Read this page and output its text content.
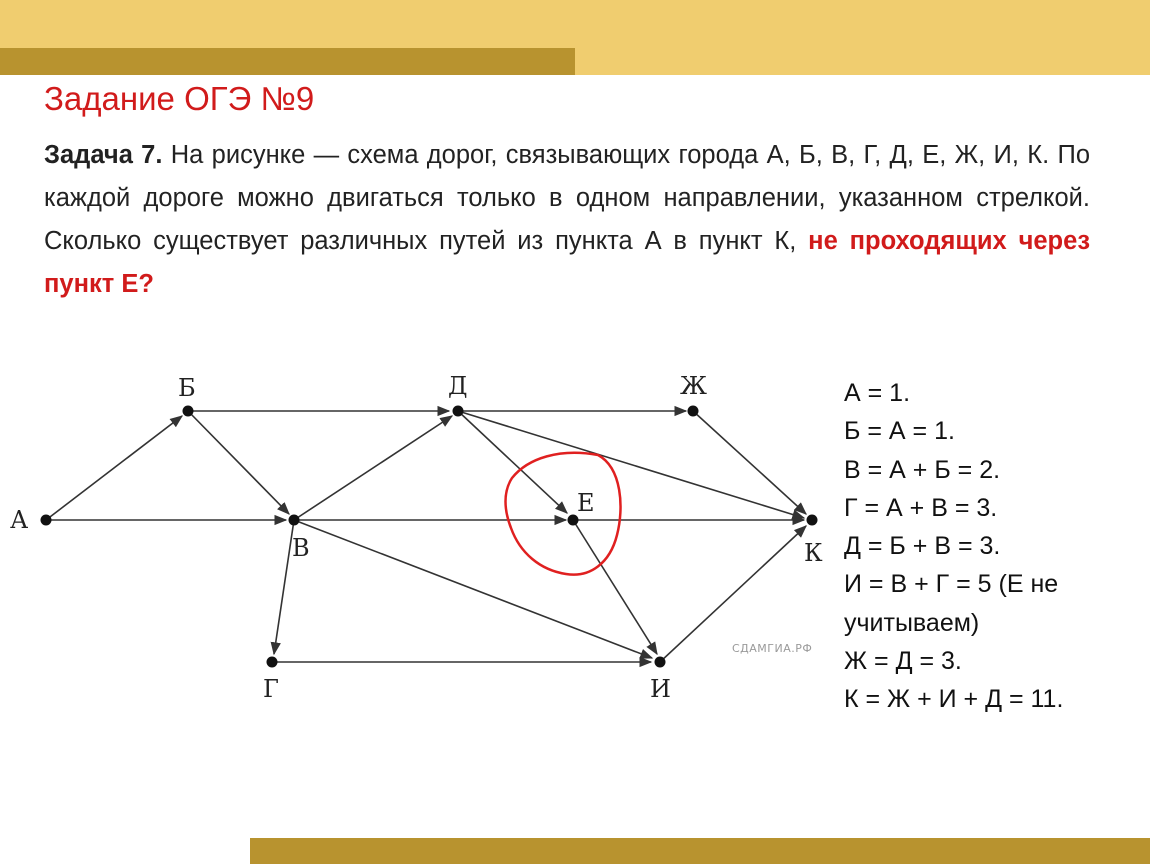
Задание ОГЭ №9
Задача 7. На рисунке — схема дорог, связывающих города А, Б, В, Г, Д, Е, Ж, И, К. По каждой дороге можно двигаться только в одном направлении, указанном стрелкой. Сколько существует различных путей из пункта А в пункт К, не проходящих через пункт Е?
А
Б
В
Г
Д
Е
Ж
И
К
СДАМГИА.РФ
А = 1.
Б = А = 1.
В = А + Б = 2.
Г = А + В = 3.
Д = Б + В = 3.
И = В + Г = 5 (Е не
учитываем)
Ж = Д = 3.
К = Ж + И + Д = 11.
